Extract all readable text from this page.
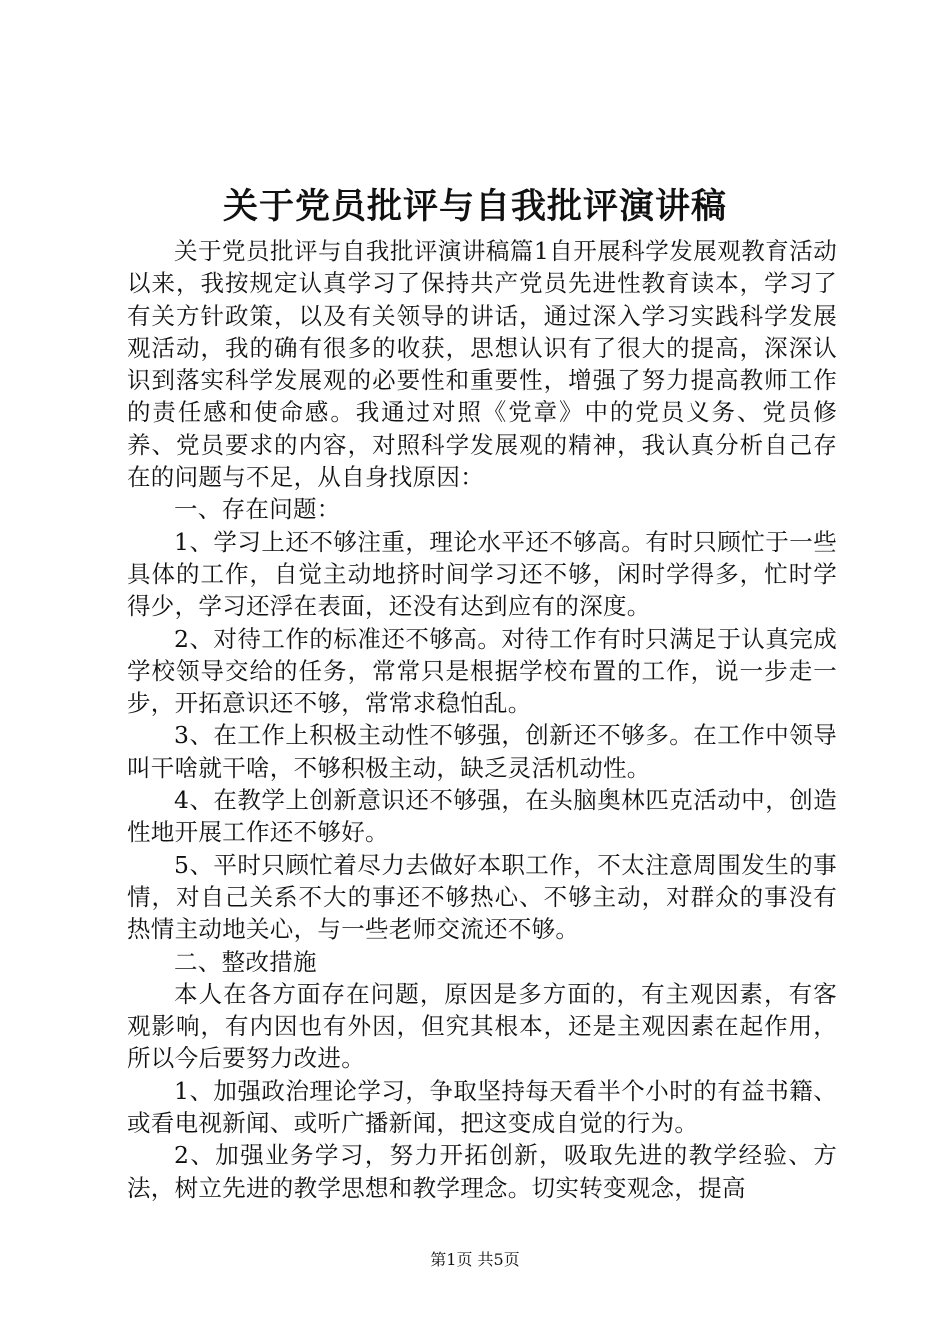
关于党员批评与自我批评演讲稿

关于党员批评与自我批评演讲稿篇1自开展科学发展观教育活动以来，我按规定认真学习了保持共产党员先进性教育读本，学习了有关方针政策，以及有关领导的讲话，通过深入学习实践科学发展观活动，我的确有很多的收获，思想认识有了很大的提高，深深认识到落实科学发展观的必要性和重要性，增强了努力提高教师工作的责任感和使命感。我通过对照《党章》中的党员义务、党员修养、党员要求的内容，对照科学发展观的精神，我认真分析自己存在的问题与不足，从自身找原因：

一、存在问题：

1、学习上还不够注重，理论水平还不够高。有时只顾忙于一些具体的工作，自觉主动地挤时间学习还不够，闲时学得多，忙时学得少，学习还浮在表面，还没有达到应有的深度。

2、对待工作的标准还不够高。对待工作有时只满足于认真完成学校领导交给的任务，常常只是根据学校布置的工作，说一步走一步，开拓意识还不够，常常求稳怕乱。

3、在工作上积极主动性不够强，创新还不够多。在工作中领导叫干啥就干啥，不够积极主动，缺乏灵活机动性。

4、在教学上创新意识还不够强，在头脑奥林匹克活动中，创造性地开展工作还不够好。

5、平时只顾忙着尽力去做好本职工作，不太注意周围发生的事情，对自己关系不大的事还不够热心、不够主动，对群众的事没有热情主动地关心，与一些老师交流还不够。

二、整改措施

本人在各方面存在问题，原因是多方面的，有主观因素，有客观影响，有内因也有外因，但究其根本，还是主观因素在起作用，所以今后要努力改进。

1、加强政治理论学习，争取坚持每天看半个小时的有益书籍、或看电视新闻、或听广播新闻，把这变成自觉的行为。

2、加强业务学习，努力开拓创新，吸取先进的教学经验、方法，树立先进的教学思想和教学理念。切实转变观念，提高

第1页 共5页
